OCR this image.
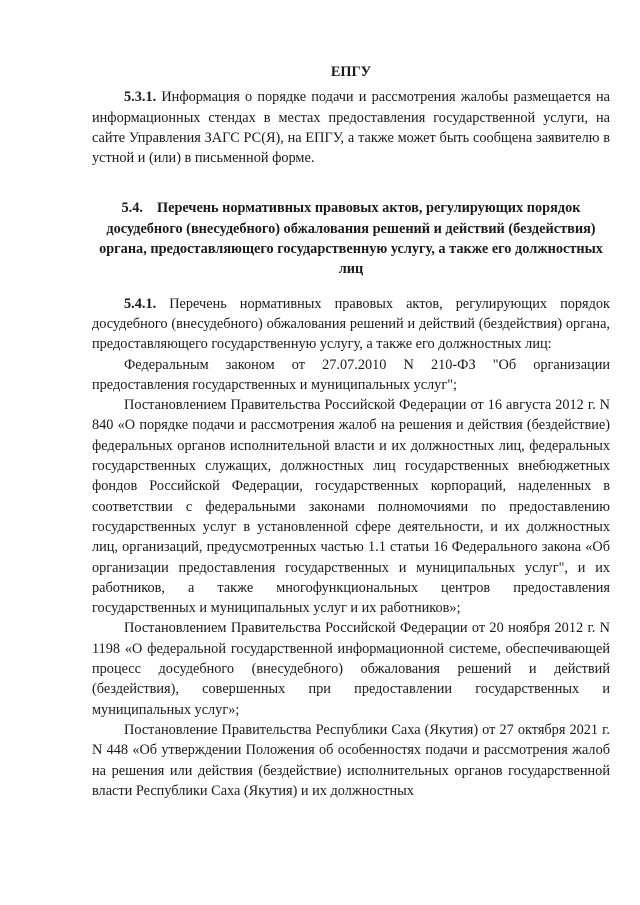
ЕПГУ

5.3.1. Информация о порядке подачи и рассмотрения жалобы размещается на информационных стендах в местах предоставления государственной услуги, на сайте Управления ЗАГС РС(Я), на ЕПГУ, а также может быть сообщена заявителю в устной и (или) в письменной форме.

5.4. Перечень нормативных правовых актов, регулирующих порядок досудебного (внесудебного) обжалования решений и действий (бездействия) органа, предоставляющего государственную услугу, а также его должностных лиц

5.4.1. Перечень нормативных правовых актов, регулирующих порядок досудебного (внесудебного) обжалования решений и действий (бездействия) органа, предоставляющего государственную услугу, а также его должностных лиц:

Федеральным законом от 27.07.2010 N 210-ФЗ "Об организации предоставления государственных и муниципальных услуг";

Постановлением Правительства Российской Федерации от 16 августа 2012 г. N 840 «О порядке подачи и рассмотрения жалоб на решения и действия (бездействие) федеральных органов исполнительной власти и их должностных лиц, федеральных государственных служащих, должностных лиц государственных внебюджетных фондов Российской Федерации, государственных корпораций, наделенных в соответствии с федеральными законами полномочиями по предоставлению государственных услуг в установленной сфере деятельности, и их должностных лиц, организаций, предусмотренных частью 1.1 статьи 16 Федерального закона «Об организации предоставления государственных и муниципальных услуг", и их работников, а также многофункциональных центров предоставления государственных и муниципальных услуг и их работников»;

Постановлением Правительства Российской Федерации от 20 ноября 2012 г. N 1198 «О федеральной государственной информационной системе, обеспечивающей процесс досудебного (внесудебного) обжалования решений и действий (бездействия), совершенных при предоставлении государственных и муниципальных услуг»;

Постановление Правительства Республики Саха (Якутия) от 27 октября 2021 г. N 448 «Об утверждении Положения об особенностях подачи и рассмотрения жалоб на решения или действия (бездействие) исполнительных органов государственной власти Республики Саха (Якутия) и их должностных
